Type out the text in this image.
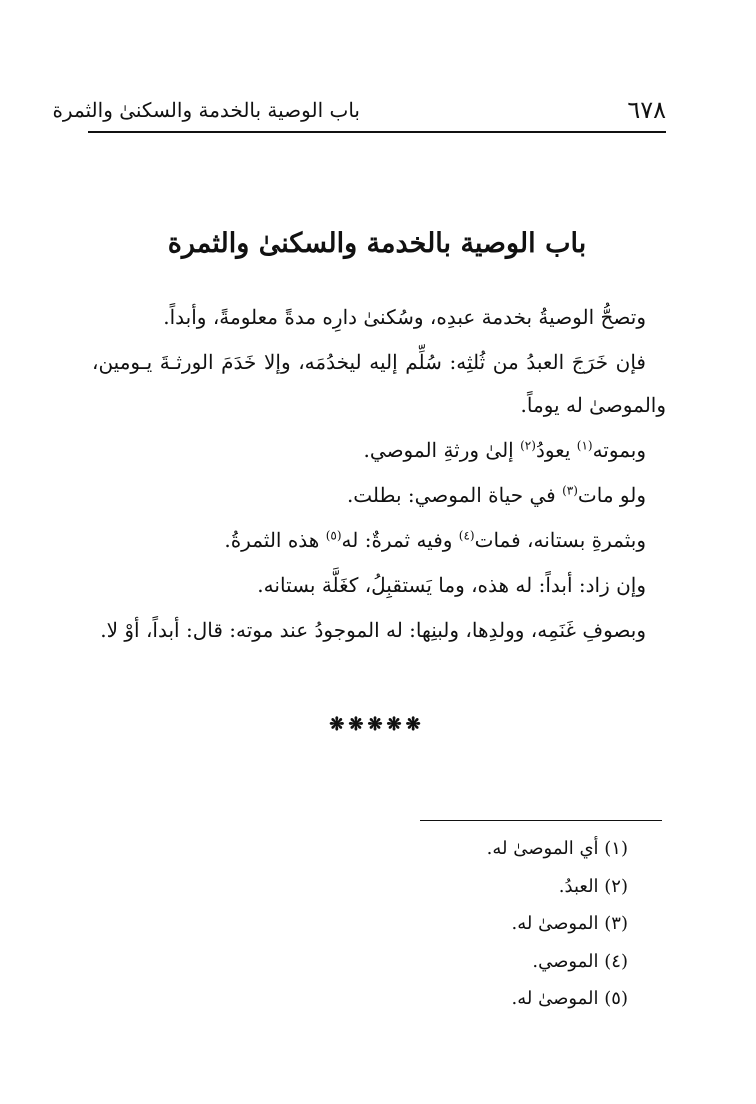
٦٧٨
باب الوصية بالخدمة والسكنىٰ والثمرة
باب الوصية بالخدمة والسكنىٰ والثمرة

وتصحُّ الوصيةُ بخدمة عبدِه، وسُكنىٰ دارِه مدةً معلومةً، وأبداً.

فإن خَرَجَ العبدُ من ثُلثِه: سُلِّم إليه ليخدُمَه، وإلا خَدَمَ الورثـةَ يـومين، والموصىٰ له يوماً.

وبموته$^{(١)}$ يعودُ$^{(٢)}$ إلىٰ ورثةِ الموصي.

ولو مات$^{(٣)}$ في حياة الموصي: بطلت.

وبثمرةِ بستانه، فمات$^{(٤)}$ وفيه ثمرةٌ: له$^{(٥)}$ هذه الثمرةُ.

وإن زاد: أبداً: له هذه، وما يَستقبِلُ، كغَلَّة بستانه.

وبصوفِ غَنَمِه، وولدِها، ولبنِها: له الموجودُ عند موته: قال: أبداً، أوْ لا.

❋❋❋❋❋
(١) أي الموصىٰ له.
(٢) العبدُ.
(٣) الموصىٰ له.
(٤) الموصي.
(٥) الموصىٰ له.
